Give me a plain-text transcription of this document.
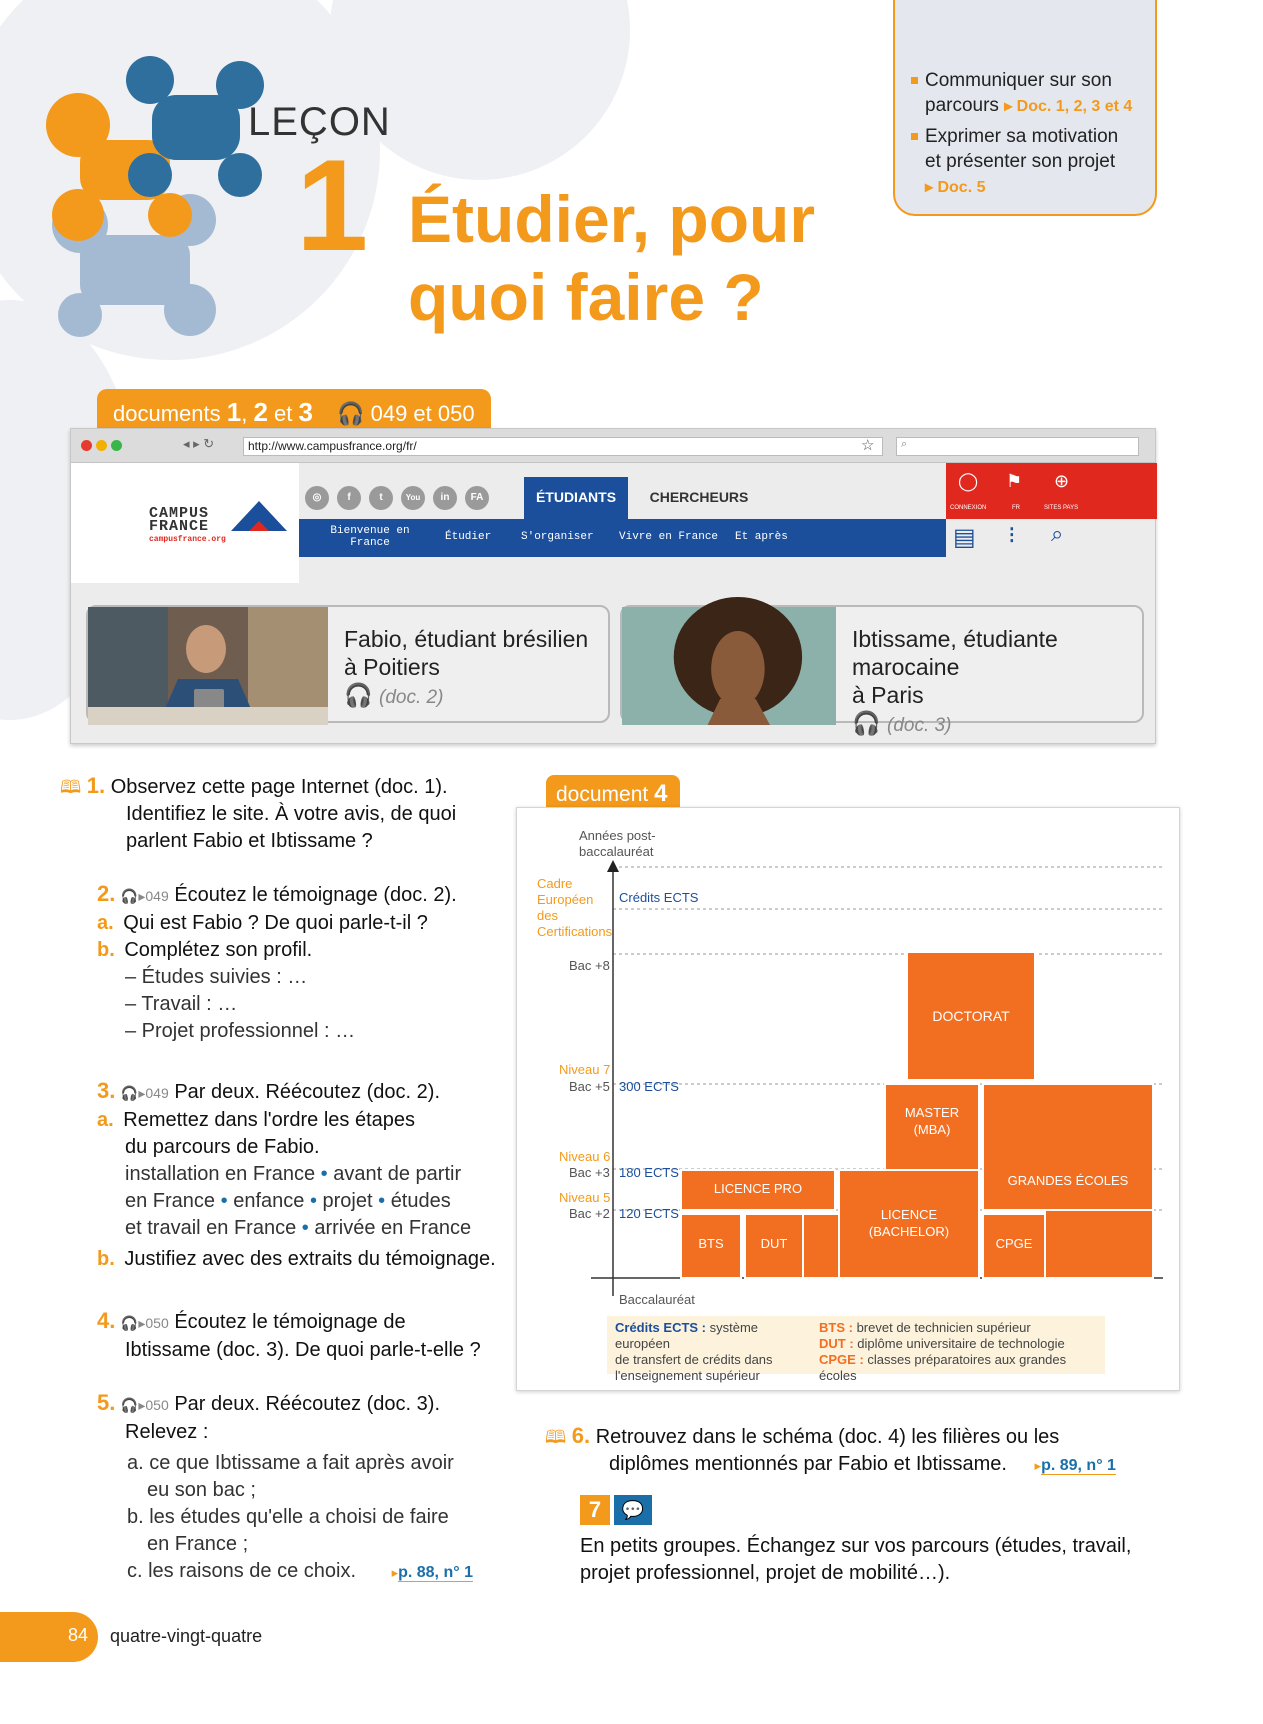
LEÇON
1 Étudier, pour
quoi faire ?
Communiquer sur son
parcours ▸ Doc. 1, 2, 3 et 4
Exprimer sa motivation
et présenter son projet
▸ Doc. 5
documents 1, 2 et 3 🎧 049 et 050
◂ ▸ ↻	http://www.campusfrance.org/fr/	☆	⌕
CAMPUS
FRANCE
campusfrance.org
◎	f	t	You	in	FA	ÉTUDIANTS	CHERCHEURS
Bienvenue en France	Étudier	S'organiser Vivre en France Et après
◯ ⚑ ⊕
CONNEXION	FR	SITES PAYS
▤ ⁝ ⌕
Fabio, étudiant brésilien
à Poitiers
🎧 (doc. 2)
Ibtissame, étudiante marocaine
à Paris
🎧 (doc. 3)
🕮 1. Observez cette page Internet (doc. 1).
Identifiez le site. À votre avis, de quoi
parlent Fabio et Ibtissame ?
2. 🎧▸049 Écoutez le témoignage (doc. 2).
a. Qui est Fabio ? De quoi parle-t-il ?
b. Complétez son profil.
– Études suivies : …
– Travail : …
– Projet professionnel : …
3. 🎧▸049 Par deux. Réécoutez (doc. 2).
a. Remettez dans l'ordre les étapes
du parcours de Fabio.
installation en France • avant de partir
en France • enfance • projet • études
et travail en France • arrivée en France
b. Justifiez avec des extraits du témoignage.
4. 🎧▸050 Écoutez le témoignage de
Ibtissame (doc. 3). De quoi parle-t-elle ?
5. 🎧▸050 Par deux. Réécoutez (doc. 3).
Relevez :
a. ce que Ibtissame a fait après avoir
eu son bac ;
b. les études qu'elle a choisi de faire
en France ;
c. les raisons de ce choix.	▸p. 88, n° 1
document 4
Années post-
baccalauréat
Cadre
Européen
des
Certifications
Crédits ECTS
Bac +8
Niveau 7
Bac +5 300 ECTS
Niveau 6
Bac +3 180 ECTS
Niveau 5
Bac +2 120 ECTS
Baccalauréat
DOCTORAT
MASTER
(MBA)
GRANDES ÉCOLES
LICENCE PRO
LICENCE
(BACHELOR)
BTS	DUT	CPGE
Crédits ECTS : système européen
de transfert de crédits dans
l'enseignement supérieur
BTS : brevet de technicien supérieur
DUT : diplôme universitaire de technologie
CPGE : classes préparatoires aux grandes écoles
🕮 6. Retrouvez dans le schéma (doc. 4) les filières ou les
diplômes mentionnés par Fabio et Ibtissame. ▸p. 89, n° 1
7	💬
En petits groupes. Échangez sur vos parcours (études, travail,
projet professionnel, projet de mobilité…).
84 quatre-vingt-quatre
